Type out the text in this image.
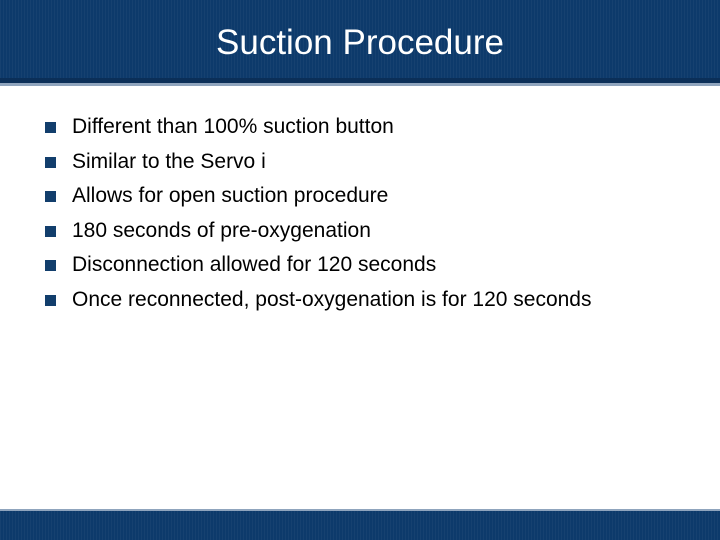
Suction Procedure
Different than 100% suction button
Similar to the Servo i
Allows for open suction procedure
180 seconds of pre-oxygenation
Disconnection allowed for 120 seconds
Once reconnected, post-oxygenation is for 120 seconds
